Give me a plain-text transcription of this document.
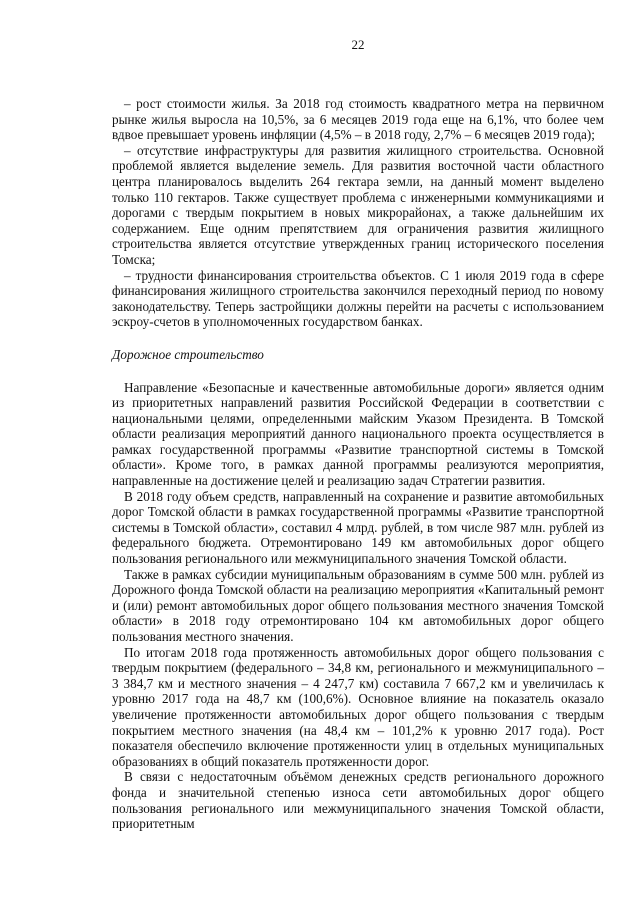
22

– рост стоимости жилья. За 2018 год стоимость квадратного метра на первичном рынке жилья выросла на 10,5%, за 6 месяцев 2019 года еще на 6,1%, что более чем вдвое превышает уровень инфляции (4,5% – в 2018 году, 2,7% – 6 месяцев 2019 года);

– отсутствие инфраструктуры для развития жилищного строительства. Основной проблемой является выделение земель. Для развития восточной части областного центра планировалось выделить 264 гектара земли, на данный момент выделено только 110 гектаров. Также существует проблема с инженерными коммуникациями и дорогами с твердым покрытием в новых микрорайонах, а также дальнейшим их содержанием. Еще одним препятствием для ограничения развития жилищного строительства является отсутствие утвержденных границ исторического поселения Томска;

– трудности финансирования строительства объектов. С 1 июля 2019 года в сфере финансирования жилищного строительства закончился переходный период по новому законодательству. Теперь застройщики должны перейти на расчеты с использованием эскроу-счетов в уполномоченных государством банках.

Дорожное строительство

Направление «Безопасные и качественные автомобильные дороги» является одним из приоритетных направлений развития Российской Федерации в соответствии с национальными целями, определенными майским Указом Президента. В Томской области реализация мероприятий данного национального проекта осуществляется в рамках государственной программы «Развитие транспортной системы в Томской области». Кроме того, в рамках данной программы реализуются мероприятия, направленные на достижение целей и реализацию задач Стратегии развития.

В 2018 году объем средств, направленный на сохранение и развитие автомобильных дорог Томской области в рамках государственной программы «Развитие транспортной системы в Томской области», составил 4 млрд. рублей, в том числе 987 млн. рублей из федерального бюджета. Отремонтировано 149 км автомобильных дорог общего пользования регионального или межмуниципального значения Томской области.

Также в рамках субсидии муниципальным образованиям в сумме 500 млн. рублей из Дорожного фонда Томской области на реализацию мероприятия «Капитальный ремонт и (или) ремонт автомобильных дорог общего пользования местного значения Томской области» в 2018 году отремонтировано 104 км автомобильных дорог общего пользования местного значения.

По итогам 2018 года протяженность автомобильных дорог общего пользования с твердым покрытием (федерального – 34,8 км, регионального и межмуниципального – 3 384,7 км и местного значения – 4 247,7 км) составила 7 667,2 км и увеличилась к уровню 2017 года на 48,7 км (100,6%). Основное влияние на показатель оказало увеличение протяженности автомобильных дорог общего пользования с твердым покрытием местного значения (на 48,4 км – 101,2% к уровню 2017 года). Рост показателя обеспечило включение протяженности улиц в отдельных муниципальных образованиях в общий показатель протяженности дорог.

В связи с недостаточным объёмом денежных средств регионального дорожного фонда и значительной степенью износа сети автомобильных дорог общего пользования регионального или межмуниципального значения Томской области, приоритетным
